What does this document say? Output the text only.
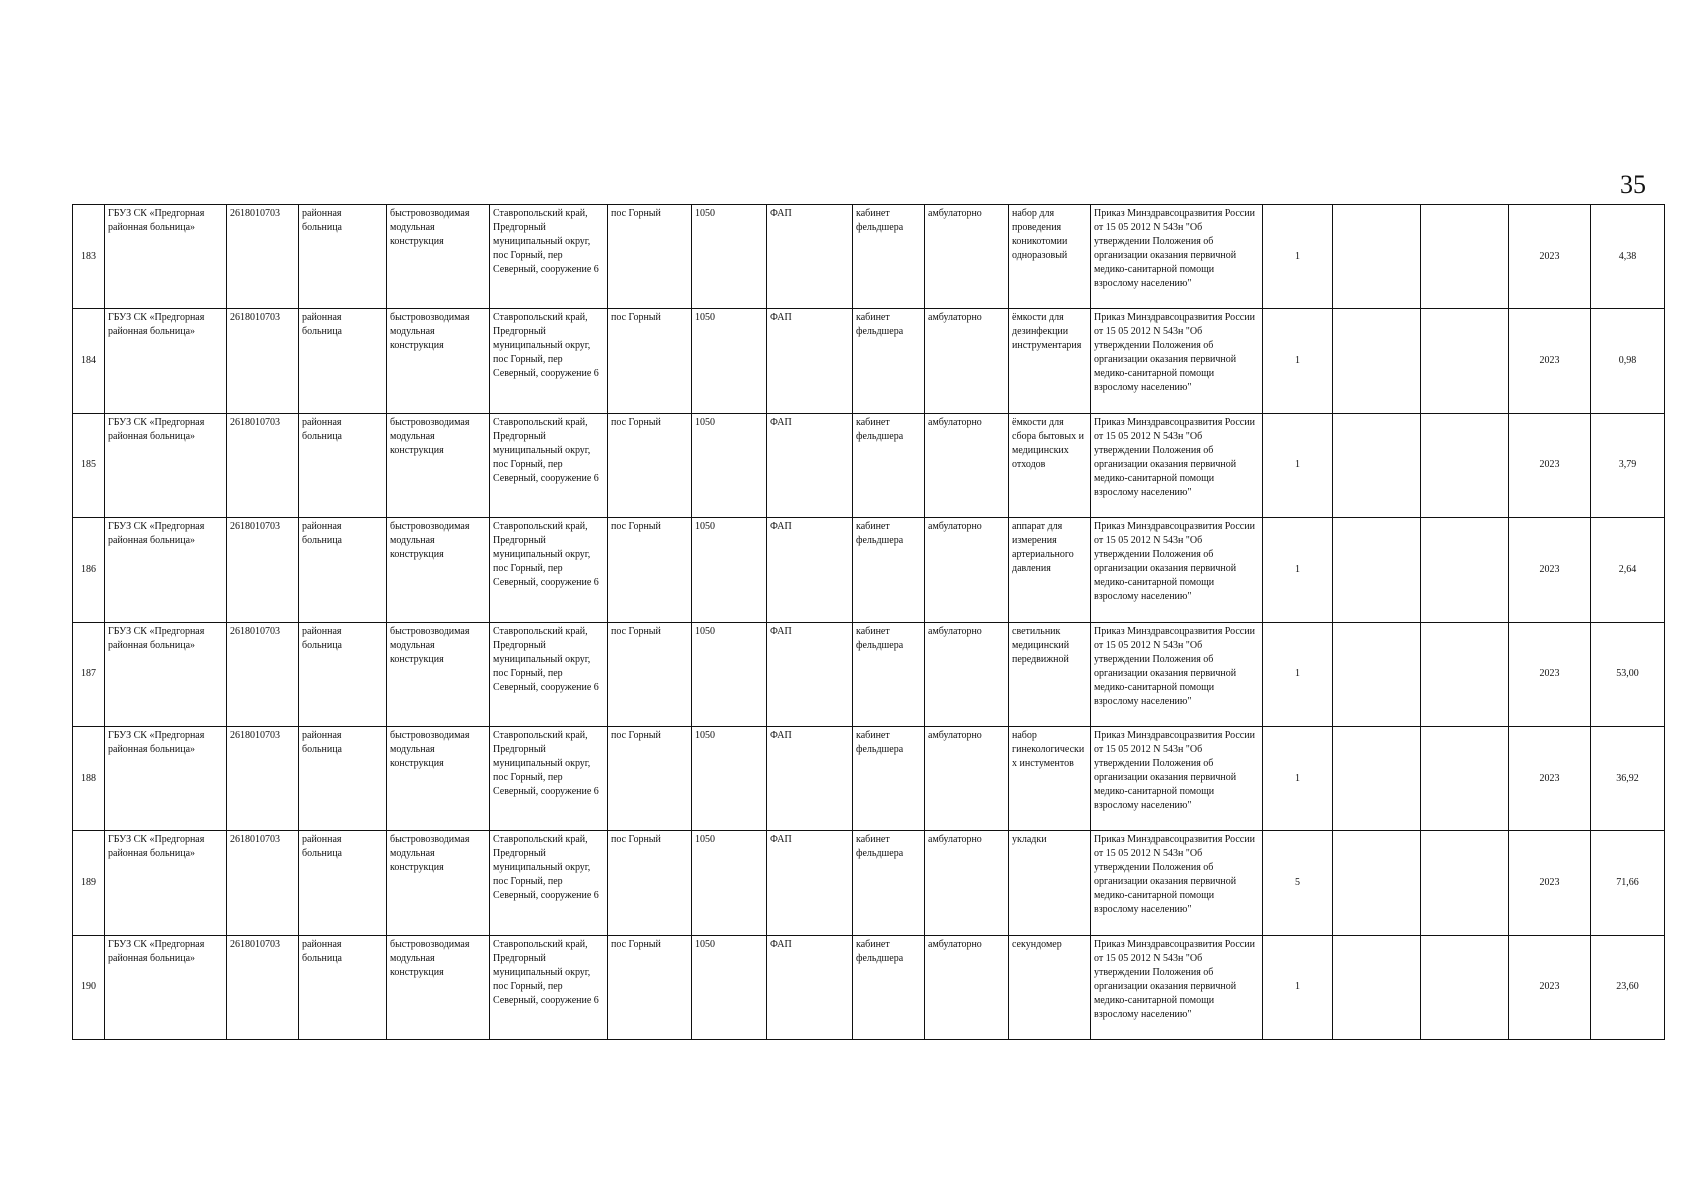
35
183	ГБУЗ СК «Предгорная районная больница»	2618010703	районная больница	быстровозводимая модульная конструкция	Ставропольский край, Предгорный муниципальный округ, пос Горный, пер Северный, сооружение 6	пос Горный	1050	ФАП	кабинет фельдшера	амбулаторно	набор для проведения коникотомии одноразовый	Приказ Минздравсоцразвития России от 15 05 2012 N 543н "Об утверждении Положения об организации оказания первичной медико-санитарной помощи взрослому населению"	1			2023	4,38
184	ГБУЗ СК «Предгорная районная больница»	2618010703	районная больница	быстровозводимая модульная конструкция	Ставропольский край, Предгорный муниципальный округ, пос Горный, пер Северный, сооружение 6	пос Горный	1050	ФАП	кабинет фельдшера	амбулаторно	ёмкости для дезинфекции инструментария	Приказ Минздравсоцразвития России от 15 05 2012 N 543н "Об утверждении Положения об организации оказания первичной медико-санитарной помощи взрослому населению"	1			2023	0,98
185	ГБУЗ СК «Предгорная районная больница»	2618010703	районная больница	быстровозводимая модульная конструкция	Ставропольский край, Предгорный муниципальный округ, пос Горный, пер Северный, сооружение 6	пос Горный	1050	ФАП	кабинет фельдшера	амбулаторно	ёмкости для сбора бытовых и медицинских отходов	Приказ Минздравсоцразвития России от 15 05 2012 N 543н "Об утверждении Положения об организации оказания первичной медико-санитарной помощи взрослому населению"	1			2023	3,79
186	ГБУЗ СК «Предгорная районная больница»	2618010703	районная больница	быстровозводимая модульная конструкция	Ставропольский край, Предгорный муниципальный округ, пос Горный, пер Северный, сооружение 6	пос Горный	1050	ФАП	кабинет фельдшера	амбулаторно	аппарат для измерения артериального давления	Приказ Минздравсоцразвития России от 15 05 2012 N 543н "Об утверждении Положения об организации оказания первичной медико-санитарной помощи взрослому населению"	1			2023	2,64
187	ГБУЗ СК «Предгорная районная больница»	2618010703	районная больница	быстровозводимая модульная конструкция	Ставропольский край, Предгорный муниципальный округ, пос Горный, пер Северный, сооружение 6	пос Горный	1050	ФАП	кабинет фельдшера	амбулаторно	светильник медицинский передвижной	Приказ Минздравсоцразвития России от 15 05 2012 N 543н "Об утверждении Положения об организации оказания первичной медико-санитарной помощи взрослому населению"	1			2023	53,00
188	ГБУЗ СК «Предгорная районная больница»	2618010703	районная больница	быстровозводимая модульная конструкция	Ставропольский край, Предгорный муниципальный округ, пос Горный, пер Северный, сооружение 6	пос Горный	1050	ФАП	кабинет фельдшера	амбулаторно	набор гинекологических инстументов	Приказ Минздравсоцразвития России от 15 05 2012 N 543н "Об утверждении Положения об организации оказания первичной медико-санитарной помощи взрослому населению"	1			2023	36,92
189	ГБУЗ СК «Предгорная районная больница»	2618010703	районная больница	быстровозводимая модульная конструкция	Ставропольский край, Предгорный муниципальный округ, пос Горный, пер Северный, сооружение 6	пос Горный	1050	ФАП	кабинет фельдшера	амбулаторно	укладки	Приказ Минздравсоцразвития России от 15 05 2012 N 543н "Об утверждении Положения об организации оказания первичной медико-санитарной помощи взрослому населению"	5			2023	71,66
190	ГБУЗ СК «Предгорная районная больница»	2618010703	районная больница	быстровозводимая модульная конструкция	Ставропольский край, Предгорный муниципальный округ, пос Горный, пер Северный, сооружение 6	пос Горный	1050	ФАП	кабинет фельдшера	амбулаторно	секундомер	Приказ Минздравсоцразвития России от 15 05 2012 N 543н "Об утверждении Положения об организации оказания первичной медико-санитарной помощи взрослому населению"	1			2023	23,60
